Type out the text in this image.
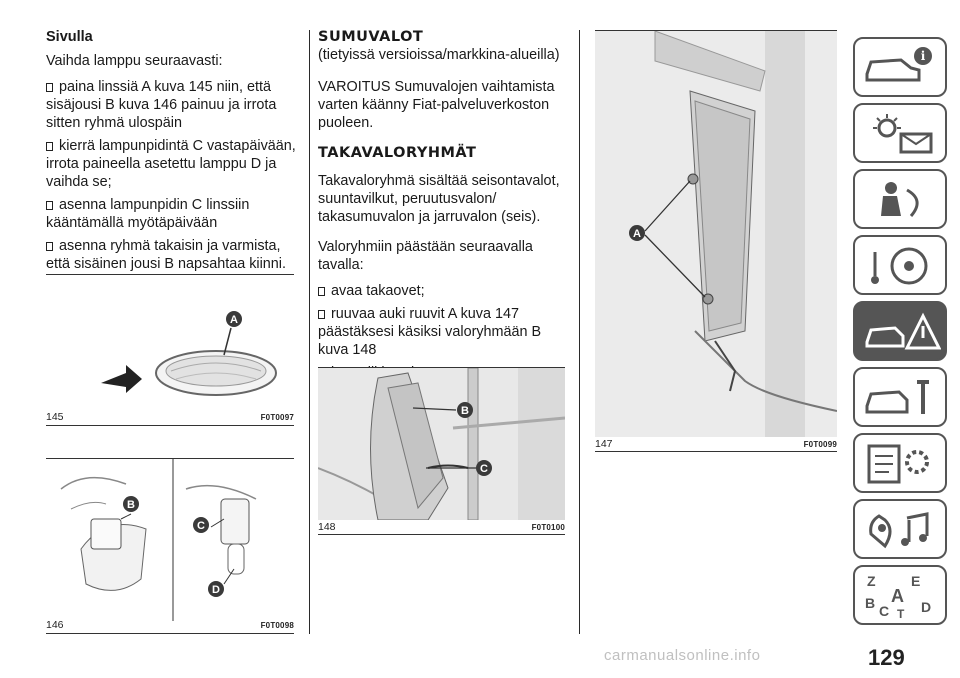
Sivulla

Vaihda lamppu seuraavasti:

paina linssiä A kuva 145 niin, että sisäjousi B kuva 146 painuu ja irrota sitten ryhmä ulospäin

kierrä lampunpidintä C vastapäivään, irrota paineella asetettu lamppu D ja vaihda se;

asenna lampunpidin C linssiin kääntämällä myötäpäivään

asenna ryhmä takaisin ja varmista, että sisäinen jousi B napsahtaa kiinni.

A
145	F0T0097
B
C
D
146	F0T0098

SUMUVALOT

(tietyissä versioissa/markkina-alueilla)

VAROITUS Sumuvalojen vaihtamista varten käänny Fiat-palveluverkoston puoleen.

TAKAVALORYHMÄT

Takavaloryhmä sisältää seisontavalot, suuntavilkut, peruutusvalon/ takasumuvalon ja jarruvalon (seis).

Valoryhmiin päästään seuraavalla tavalla:

avaa takaovet;

ruuvaa auki ruuvit A kuva 147 päästäksesi käsiksi valoryhmään B kuva 148

B
C
148	F0T0100
A
147	F0T0099
i
Z	E
B A
C T D
carmanualsonline.info	129
